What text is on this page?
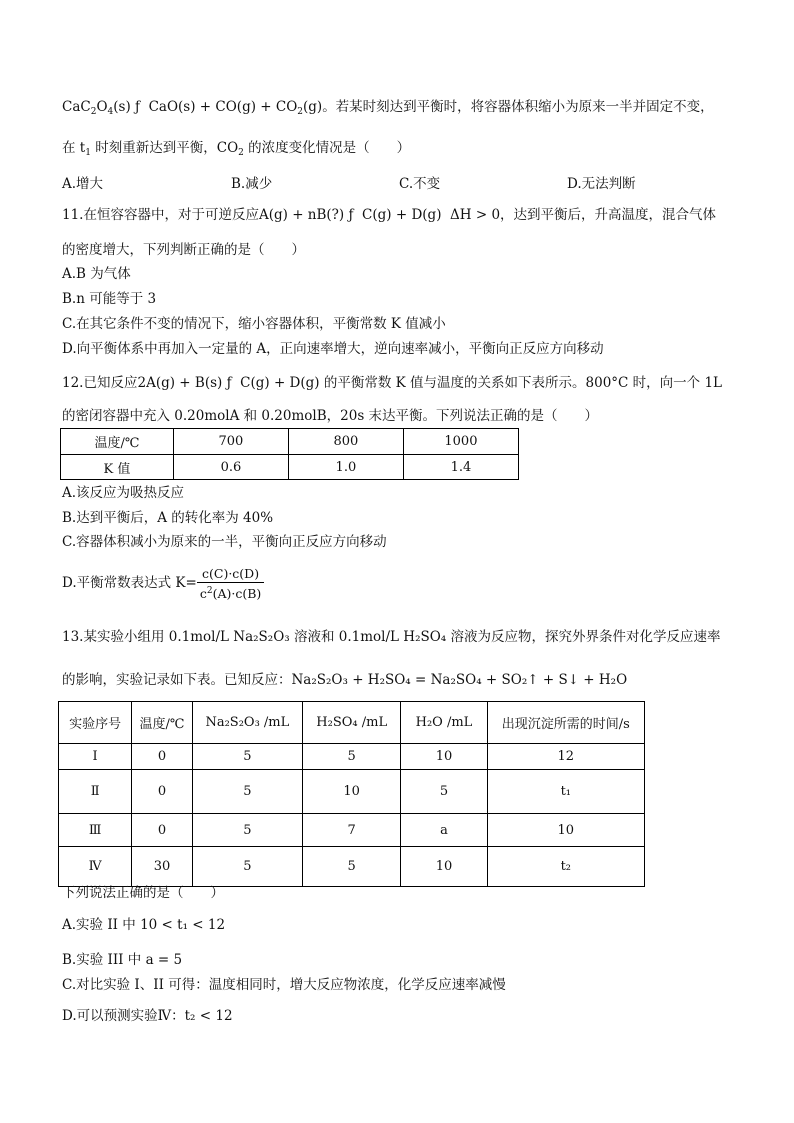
$CaC_2O_4(s)$ ƒ  $CaO(s) + CO(g) + CO_2(g)$。若某时刻达到平衡时，将容器体积缩小为原来一半并固定不变，
在 $t_1$ 时刻重新达到平衡，$CO_2$ 的浓度变化情况是（　　）
A.增大	B.减少	C.不变	D.无法判断
11.在恒容容器中，对于可逆反应A(g) + nB(?) ƒ  C(g) + D(g)  ΔH > 0，达到平衡后，升高温度，混合气体
的密度增大，下列判断正确的是（　　）
A.B 为气体
B.n 可能等于 3
C.在其它条件不变的情况下，缩小容器体积，平衡常数 K 值减小
D.向平衡体系中再加入一定量的 A，正向速率增大，逆向速率减小，平衡向正反应方向移动
12.已知反应2A(g) + B(s) ƒ  C(g) + D(g) 的平衡常数 K 值与温度的关系如下表所示。800°C 时，向一个 1L
的密闭容器中充入 0.20molA 和 0.20molB，20s 末达平衡。下列说法正确的是（　　）
温度/℃	700	800	1000
K 值	0.6	1.0	1.4
A.该反应为吸热反应
B.达到平衡后，A 的转化率为 40%
C.容器体积减小为原来的一半，平衡向正反应方向移动
D.平衡常数表达式 $K= \frac{c(C)\cdot c(D)}{c^2(A)\cdot c(B)}$
13.某实验小组用 0.1mol/L Na₂S₂O₃ 溶液和 0.1mol/L H₂SO₄ 溶液为反应物，探究外界条件对化学反应速率
的影响，实验记录如下表。已知反应：Na₂S₂O₃ + H₂SO₄ = Na₂SO₄ + SO₂↑ + S↓ + H₂O
实验序号	温度/℃	Na₂S₂O₃ /mL	H₂SO₄ /mL	H₂O /mL	出现沉淀所需的时间/s
Ⅰ	0	5	5	10	12
Ⅱ	0	5	10	5	t₁
Ⅲ	0	5	7	a	10
Ⅳ	30	5	5	10	t₂
下列说法正确的是（　　）
A.实验 II 中 10 < t₁ < 12
B.实验 III 中 a = 5
C.对比实验 I、II 可得：温度相同时，增大反应物浓度，化学反应速率减慢
D.可以预测实验Ⅳ：t₂ < 12
